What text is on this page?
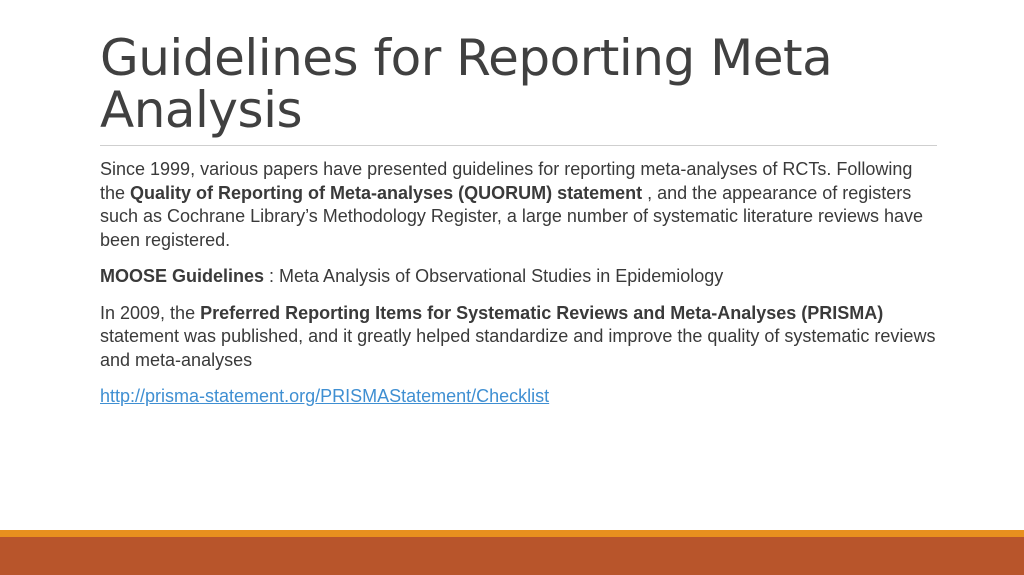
Guidelines for Reporting Meta Analysis

Since 1999, various papers have presented guidelines for reporting meta-analyses of RCTs. Following the Quality of Reporting of Meta-analyses (QUORUM) statement , and the appearance of registers such as Cochrane Library’s Methodology Register, a large number of systematic literature reviews have been registered.

MOOSE Guidelines : Meta Analysis of Observational Studies in Epidemiology

In 2009, the Preferred Reporting Items for Systematic Reviews and Meta-Analyses (PRISMA) statement was published, and it greatly helped standardize and improve the quality of systematic reviews and meta-analyses

http://prisma-statement.org/PRISMAStatement/Checklist
